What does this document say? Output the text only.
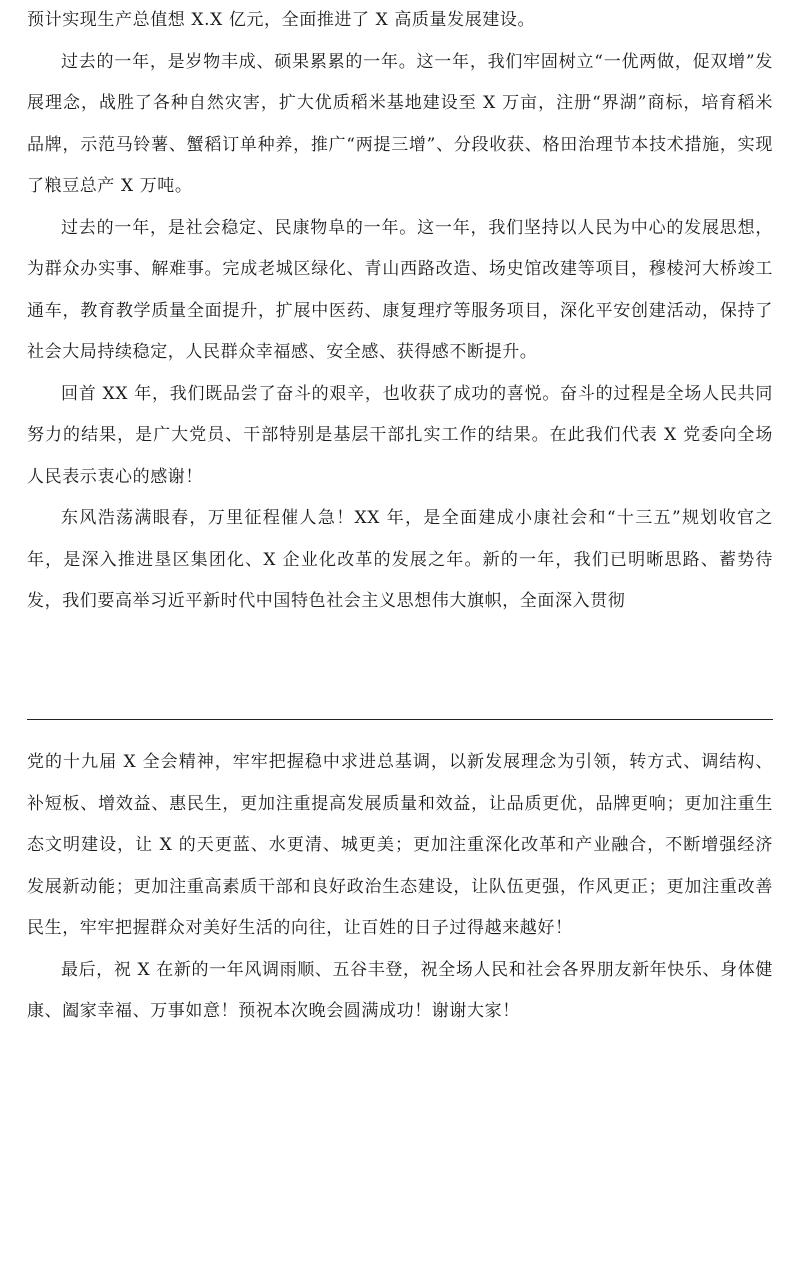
预计实现生产总值想 X.X 亿元，全面推进了 X 高质量发展建设。

过去的一年，是岁物丰成、硕果累累的一年。这一年，我们牢固树立“一优两做，促双增”发展理念，战胜了各种自然灾害，扩大优质稻米基地建设至 X 万亩，注册“界湖”商标，培育稻米品牌，示范马铃薯、蟹稻订单种养，推广“两提三增”、分段收获、格田治理节本技术措施，实现了粮豆总产 X 万吨。

过去的一年，是社会稳定、民康物阜的一年。这一年，我们坚持以人民为中心的发展思想，为群众办实事、解难事。完成老城区绿化、青山西路改造、场史馆改建等项目，穆棱河大桥竣工通车，教育教学质量全面提升，扩展中医药、康复理疗等服务项目，深化平安创建活动，保持了社会大局持续稳定，人民群众幸福感、安全感、获得感不断提升。

回首 XX 年，我们既品尝了奋斗的艰辛，也收获了成功的喜悦。奋斗的过程是全场人民共同努力的结果，是广大党员、干部特别是基层干部扎实工作的结果。在此我们代表 X 党委向全场人民表示衷心的感谢！

东风浩荡满眼春，万里征程催人急！XX 年，是全面建成小康社会和“十三五”规划收官之年，是深入推进垦区集团化、X 企业化改革的发展之年。新的一年，我们已明晰思路、蓄势待发，我们要高举习近平新时代中国特色社会主义思想伟大旗帜，全面深入贯彻

党的十九届 X 全会精神，牢牢把握稳中求进总基调，以新发展理念为引领，转方式、调结构、补短板、增效益、惠民生，更加注重提高发展质量和效益，让品质更优，品牌更响；更加注重生态文明建设，让 X 的天更蓝、水更清、城更美；更加注重深化改革和产业融合，不断增强经济发展新动能；更加注重高素质干部和良好政治生态建设，让队伍更强，作风更正；更加注重改善民生，牢牢把握群众对美好生活的向往，让百姓的日子过得越来越好！

最后，祝 X 在新的一年风调雨顺、五谷丰登，祝全场人民和社会各界朋友新年快乐、身体健康、阖家幸福、万事如意！预祝本次晚会圆满成功！谢谢大家！
